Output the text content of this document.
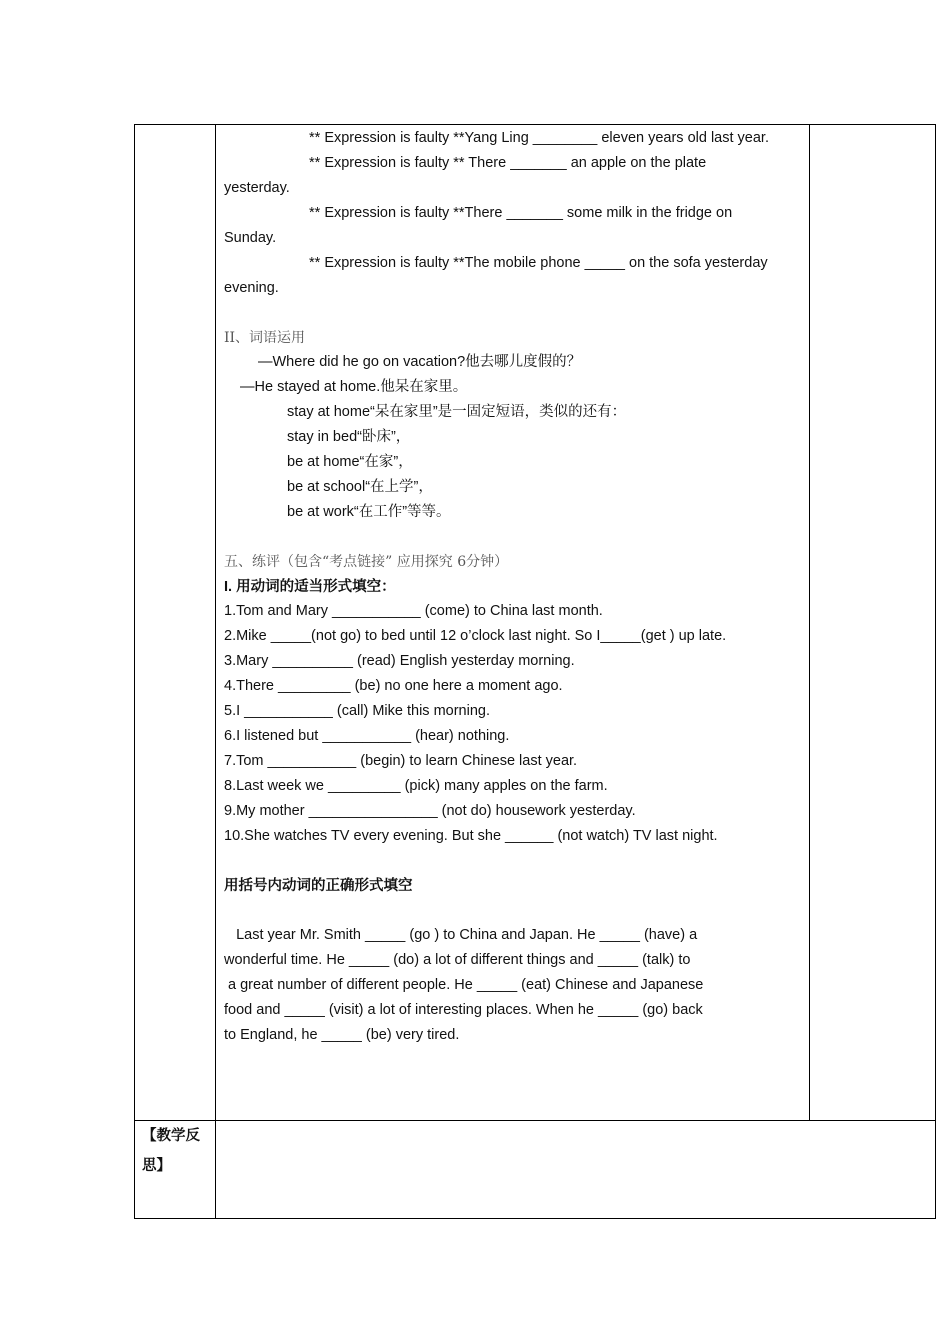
** Expression is faulty **Yang Ling ________ eleven years old last year.
** Expression is faulty ** There _______ an apple on the plate
yesterday.
** Expression is faulty **There _______ some milk in the fridge on
Sunday.
** Expression is faulty **The mobile phone _____ on the sofa yesterday
evening.
II、词语运用
—Where did he go on vacation?他去哪儿度假的？
—He stayed at home.他呆在家里。
stay at home“呆在家里”是一固定短语，类似的还有：
stay in bed“卧床”，
be at home“在家”，
be at school“在上学”，
be at work“在工作”等等。
五、练评（包含“考点链接” 应用探究 6分钟）
I. 用动词的适当形式填空：
1.Tom and Mary ___________ (come) to China last month.
2.Mike _____(not go) to bed until 12 o’clock last night. So I_____(get ) up late.
3.Mary __________ (read) English yesterday morning.
4.There _________ (be) no one here a moment ago.
5.I ___________ (call) Mike this morning.
6.I listened but ___________ (hear) nothing.
7.Tom ___________ (begin) to learn Chinese last year.
8.Last week we _________ (pick) many apples on the farm.
9.My mother ________________ (not do) housework yesterday.
10.She watches TV every evening. But she ______ (not watch) TV last night.
用括号内动词的正确形式填空
Last year Mr. Smith _____ (go ) to China and Japan. He _____ (have) a
wonderful time. He _____ (do) a lot of different things and _____ (talk) to
a great number of different people. He _____ (eat) Chinese and Japanese
food and _____ (visit) a lot of interesting places. When he _____ (go) back
to England, he _____ (be) very tired.
【教学反思】
